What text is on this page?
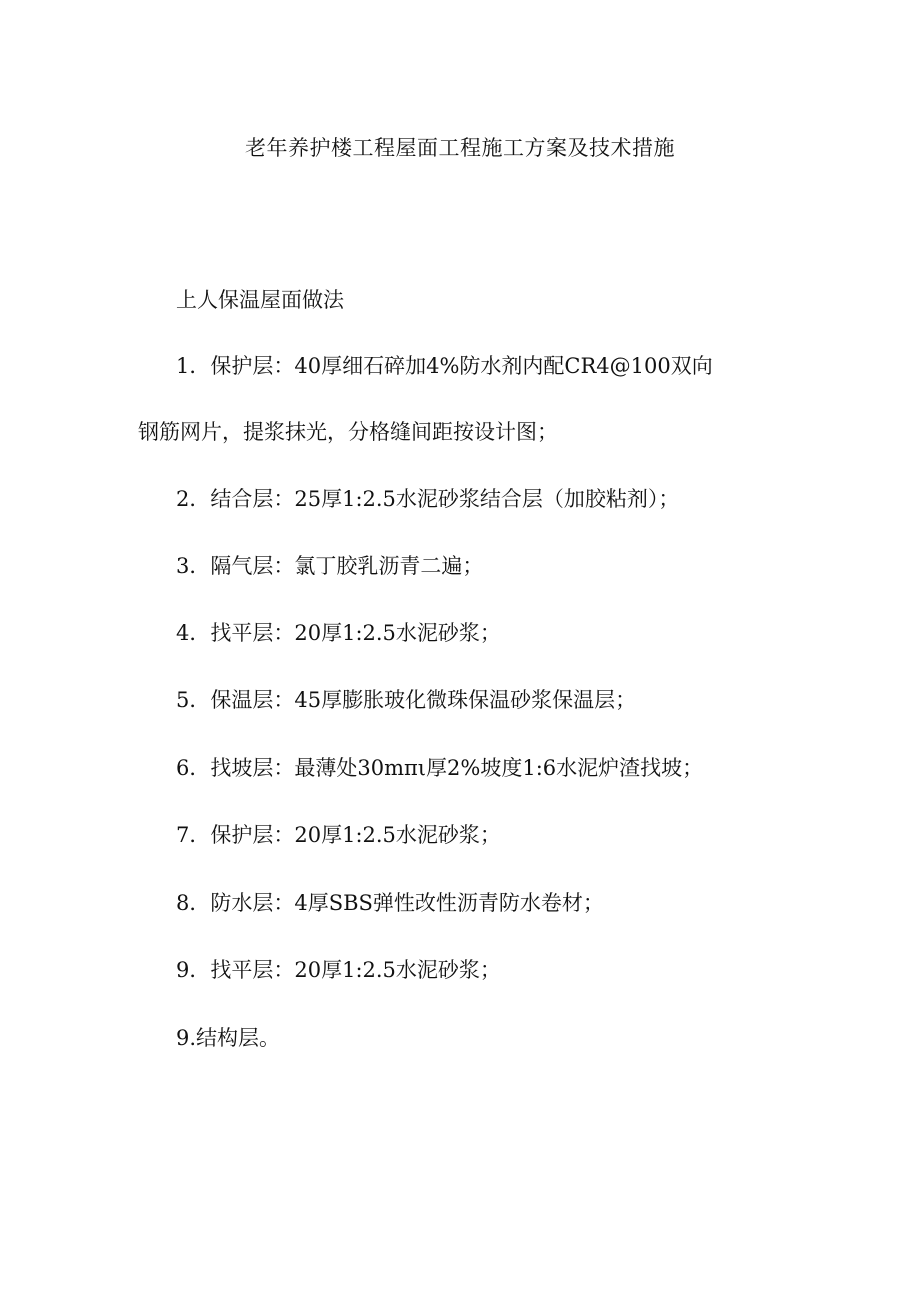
老年养护楼工程屋面工程施工方案及技术措施
上人保温屋面做法
1．保护层：40厚细石碎加4%防水剂内配CR4@100双向
钢筋网片，提浆抹光，分格缝间距按设计图；
2．结合层：25厚1:2.5水泥砂浆结合层（加胶粘剂）；
3．隔气层：氯丁胶乳沥青二遍；
4．找平层：20厚1:2.5水泥砂浆；
5．保温层：45厚膨胀玻化微珠保温砂浆保温层；
6．找坡层：最薄处30mπι厚2%坡度1:6水泥炉渣找坡；
7．保护层：20厚1:2.5水泥砂浆；
8．防水层：4厚SBS弹性改性沥青防水卷材；
9．找平层：20厚1:2.5水泥砂浆；
9.结构层。
